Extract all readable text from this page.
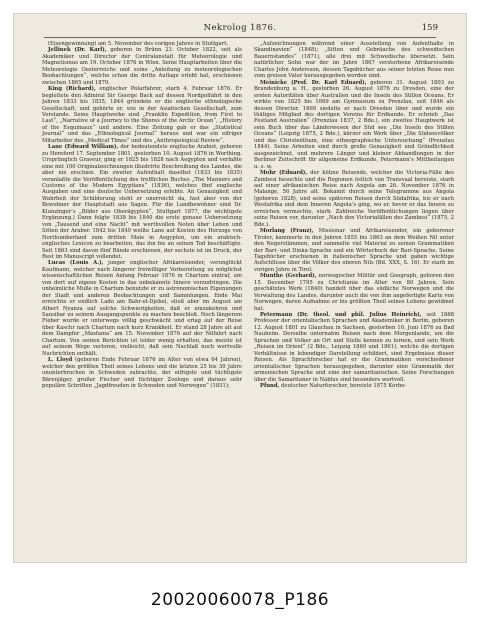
Nekrolog 1876.	159

(Eisengewinnung) am 5. November des vorigen Jahres in Stuttgart.

Jellinek (Dr. Karl), geboren in Brünn 23. October 1822, seit als Akademiker und Director der Centralanstalt für Meteorologie und Magnetismus am 19. October 1876 in Wien. Seine Hauptarbeiten über die Meteorologie Oesterreichs und seine „Anleitung zu meteorologischen Beobachtungen“, welche schon die dritte Auflage erlebt hat, erschienen zwischen 1865 und 1870.

King (Richard), englischer Polarfahrer, starb 4. Februar 1876. Er begleitete den Admiral Sir George Back auf dessen Nordpolfahrt in den Jahren 1833 bis 1835, 1844 gründete er die englische ethnologische Gesellschaft, und gehörte er, wie in der Asiatischen Gesellschaft, zum Vorstande. Seine Hauptwerke sind „Franklin Expedition, from First to Last“, „Narrative of a Journey to the Shores of the Arctic Ocean“, „History of the Esquimaux“ und andere. Eine Zeitung gab er das „Statistical Journal“ und das „Ethnological Journal“ heraus und war ein eifriger Mitarbeiter des „Medical Times“ und des „Anthropological Review“.

Lane (Edward William), der bedeutendste englische Arabist, geboren zu Hereford 17. September 1801, gestorben 10. August 1876 in Worthing. Ursprünglich Graveur, ging er 1825 bis 1828 nach Aegypten und verfaßte eine mit 100 Originalzeichnungen illustrirte Beschreibung des Landes, die aber nie erschien. Ein zweiter Aufenthalt daselbst (1833 bis 1835) veranlaßte die Veröffentlichung des trefflichen Buches „The Manners and Customs of the Modern Egyptians“ (1836), welches fünf englische Ausgaben und eine deutsche Uebersetzung erlebte. An Genauigkeit und Wahrheit der Schilderung steht er unerreicht da, fast aber von der Bewohner der Hauptstadt aus Sagen. Für die Landbewohner sind Dr. Klunzinger’s „Bilder aus Oberägypten“, Stuttgart 1877, die wichtigste Ergänzung.) Dann folgte 1838 bis 1840 die erste genaue Uebersetzung von „Tausend und eine Nacht“ mit werthvollen Noten über Leben und Sitten der Araber. 1842 bis 1849 weilte Lane auf Kosten des Herzogs von Northumberland zum dritten Male in Aegypten, um ein arabisch-englisches Lexicon zu bearbeiten, das ihn bis an seinen Tod beschäftigte. Seit 1863 sind davon fünf Bände erschienen, der sechste ist im Druck, der Rest im Manuscript vollendet.

Lucas (Louis A.), junger englischer Afrikareisender, verunglückt Kaufmann, welcher nach längerer freiwilliger Vorbereitung zu möglichst wissenschaftlichen Reisen Anfang Februar 1876 in Chartum eintraf, um von dort auf eigene Kosten in das unbekannte Innere vorzudringen. Die unheimliche Muße in Chartum benutzte er zu astronomischen Eigenungen der Stadt und anderen Beobachtungen und Sammlungen. Ende Mai erreichte er endlich Lado am Bahr-el-Djebel, stieß aber im August am Albert Nyanza auf solche Schwierigkeiten, daß er umzukehren und Sansibar zu seinem Ausgangspunkte zu machen beschloß. Noch längerem Fieber wurde er unterwegs völlig geschwächt und erlag auf der Reise über Kaschr nach Chartum nach kurz Krankheit. Er stand 28 Jahre alt auf dem Dampfer „Masfama“ am 15. November 1876 auf der Nilfahrt nach Chartum. Von seinen Berichten ist leider wenig erhalten, das meiste ist auf seinem Wege verloren, vielleicht, daß sein Nachlaß noch wertvolle Nachrichten enthält.

L. Lloyd (geboren Ende Februar 1876 im Alter von etwa 64 Jahren), welcher den größten Theil seines Lebens und die letzten 25 bis 30 Jahre ununterbrochen in Schweden zubrachte, der eifrigste und tüchtigste Bärenjäger, großer Fischer und tüchtiger Zoologe und daraus sehr populäre Schriften „Jagdfreuden in Schweden und Norwegen“ (1831);

„Aufzeichnungen während einer Ausstellung von Aufenthalte in Skandinavien“ (1848); „Sitten und Gebräuche des schwedischen Bauernstandes“ (1871), alle drei mit Schwedische übersetzt. Sein natürlicher Sohn war der im Jahre 1867 verstorbene Afrikareisende Charles John Andersson, dessen Tagebücher aus seiner letzten Reise nun vom greisen Vater herausgegeben worden sind.

Meinicke (Prof. Dr. Karl Eduard), geboren 31. August 1803 zu Brandenburg a. H., gestorben 26. August 1876 zu Dresden, eine der ersten Autoritäten über Australien und die Inseln des Stillen Oceans. Er wirkte von 1825 bis 1869 am Gymnasium zu Prenzlau, seit 1846 als dessen Director. 1869 siedelte er nach Dresden über und wurde ein thätiges Mitglied des dortigen Vereins für Erdkunde. Er schrieb „Das Festland Australien“ (Prenzlau 1837, 2 Bde.), ein zweites Hauptwerk ist sein Buch über das Länderwesen der Süd see „Die Inseln des Stillen Oceans“ (Leipzig 1875, 2 Bde.), kürzer ein Werk über „Die Südseevölker und das Christenthum, eine ethnographische Untersuchung“ (Prenzlau 1844). Seine Arbeiten sind durch große Genauigkeit und Gründlichkeit ausgezeichnet, und mehrere Länger und kleiner Abhandlungen in der Berliner Zeitschrift für allgemeine Erdkunde, Petermann’s Mittheilungen u. s. w.

Mohr (Eduard), der kühne Reisende, welcher die Victoria-Fälle des Zambesi besuchte und die Regionen östlich von Transvaal bereiste, starb auf einer afrikanischen Reise nach Angola am 26. November 1876 in Malange, 56 Jahre alt. Bekannt durch seine Telegramme aus Angola (geboren 1828), und seine späteren Reisen durch Südafrika, bis er nach Westafrika und dem Inneren Angola’s ging, wo er, bevor er das Innere zu erreichen vermochte, starb. Zahlreiche Veröffentlichungen liegen über seine Reisen vor, darunter „Nach den Victoriafällen des Zambesi“ (1875, 2 Bde.).

Morlang (Franz), Missionar und Afrikareisender, ein geborener Tiroler, kammerte in den Jahren 1855 bis 1863 an dem Weißen Nil unter den Negerstämmen, und sammelte viel Material zu seinen Grammatiken der Bari- und Dinka-Sprache und ein Wörterbuch der Bari-Sprache. Seine Tagebücher erschienen in italienischer Sprache und gaben wichtige Aufschlüsse über die Völker des oberen Nils (Bd. XXX, S. 16). Er starb im vorigen Jahre in Tirol.

Munthe (Gerhard), norwegischer Militär und Geograph, geboren den 15. December 1795 zu Christiania im Alter von 80 Jahren. Sein geschätztes Werk (1840) handelt über das südliche Norwegen und die Verwaltung des Landes, darunter auch die von ihm angefertigte Karte von Norwegen, deren Aufnahme er bis größten Theil seines Lebens gewidmet hat.

Petermann (Dr. theol. und phil. Julius Heinrich), seit 1868 Professor der orientalischen Sprachen und Akademiker in Berlin, geboren 12. August 1801 zu Glauchau in Sachsen, gestorben 10. Juni 1876 zu Bad Nauheim. Derselbe unternahm Reisen nach dem Morgenlande, um die Sprachen und Volker an Ort und Stelle kennen zu lernen, und sein Werk „Reisen im Orient“ (2 Bde., Leipzig 1860 und 1861), welche die dortigen Verhältnisse in lebendiger Darstellung schildert, sind Ergebnisse dieser Reisen. Als Sprachforscher hat er die Grammatiken verschiedener orientalischer Sprachen herausgegeben, darunter eine Grammatik der armenischen Sprache und eine der samaritanischen. Seine Forschungen über die Samaritaner in Nablus sind besonders wertvoll.

Pfund, deutscher Naturforscher, bereiste 1875 Korbo-

20020060078_P186
